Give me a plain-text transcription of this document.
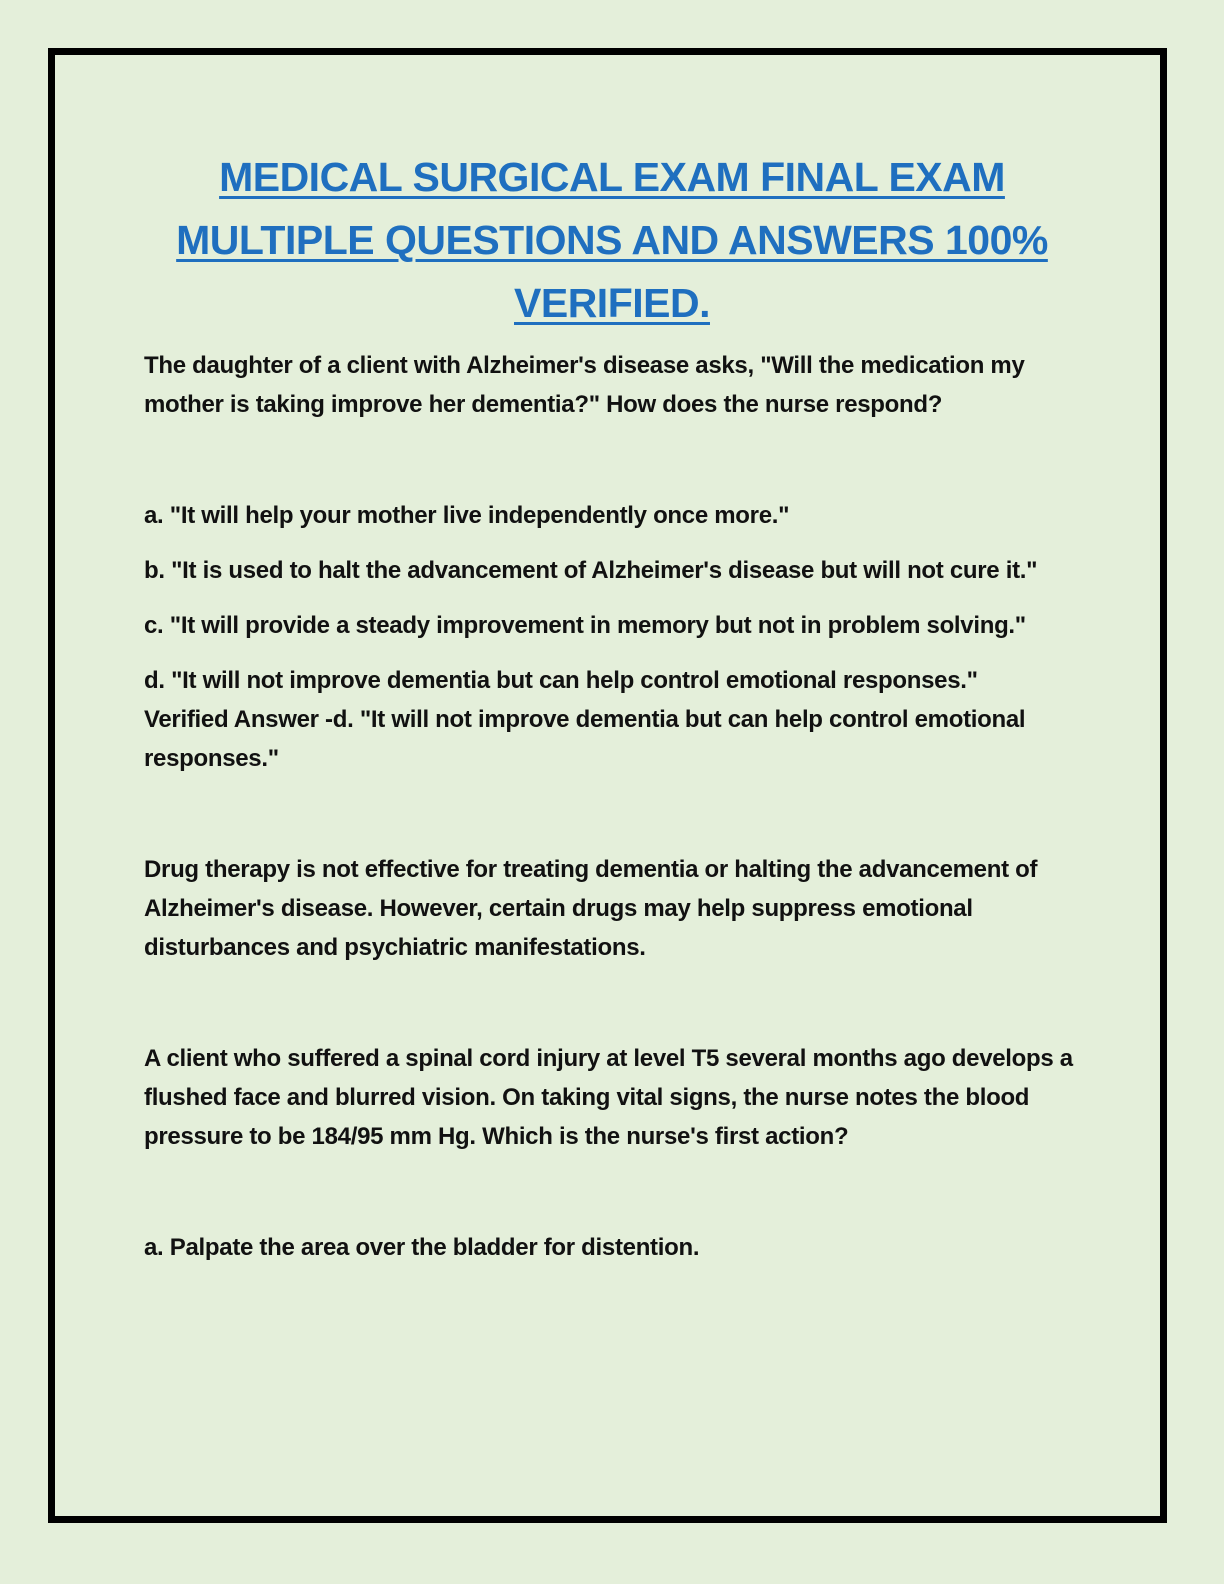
MEDICAL SURGICAL EXAM FINAL EXAM MULTIPLE QUESTIONS AND ANSWERS 100% VERIFIED.

The daughter of a client with Alzheimer's disease asks, "Will the medication my mother is taking improve her dementia?" How does the nurse respond?

a. "It will help your mother live independently once more."

b. "It is used to halt the advancement of Alzheimer's disease but will not cure it."

c. "It will provide a steady improvement in memory but not in problem solving."

d. "It will not improve dementia but can help control emotional responses."

Verified Answer -d. "It will not improve dementia but can help control emotional responses."

Drug therapy is not effective for treating dementia or halting the advancement of Alzheimer's disease. However, certain drugs may help suppress emotional disturbances and psychiatric manifestations.

A client who suffered a spinal cord injury at level T5 several months ago develops a flushed face and blurred vision. On taking vital signs, the nurse notes the blood pressure to be 184/95 mm Hg. Which is the nurse's first action?

a. Palpate the area over the bladder for distention.
